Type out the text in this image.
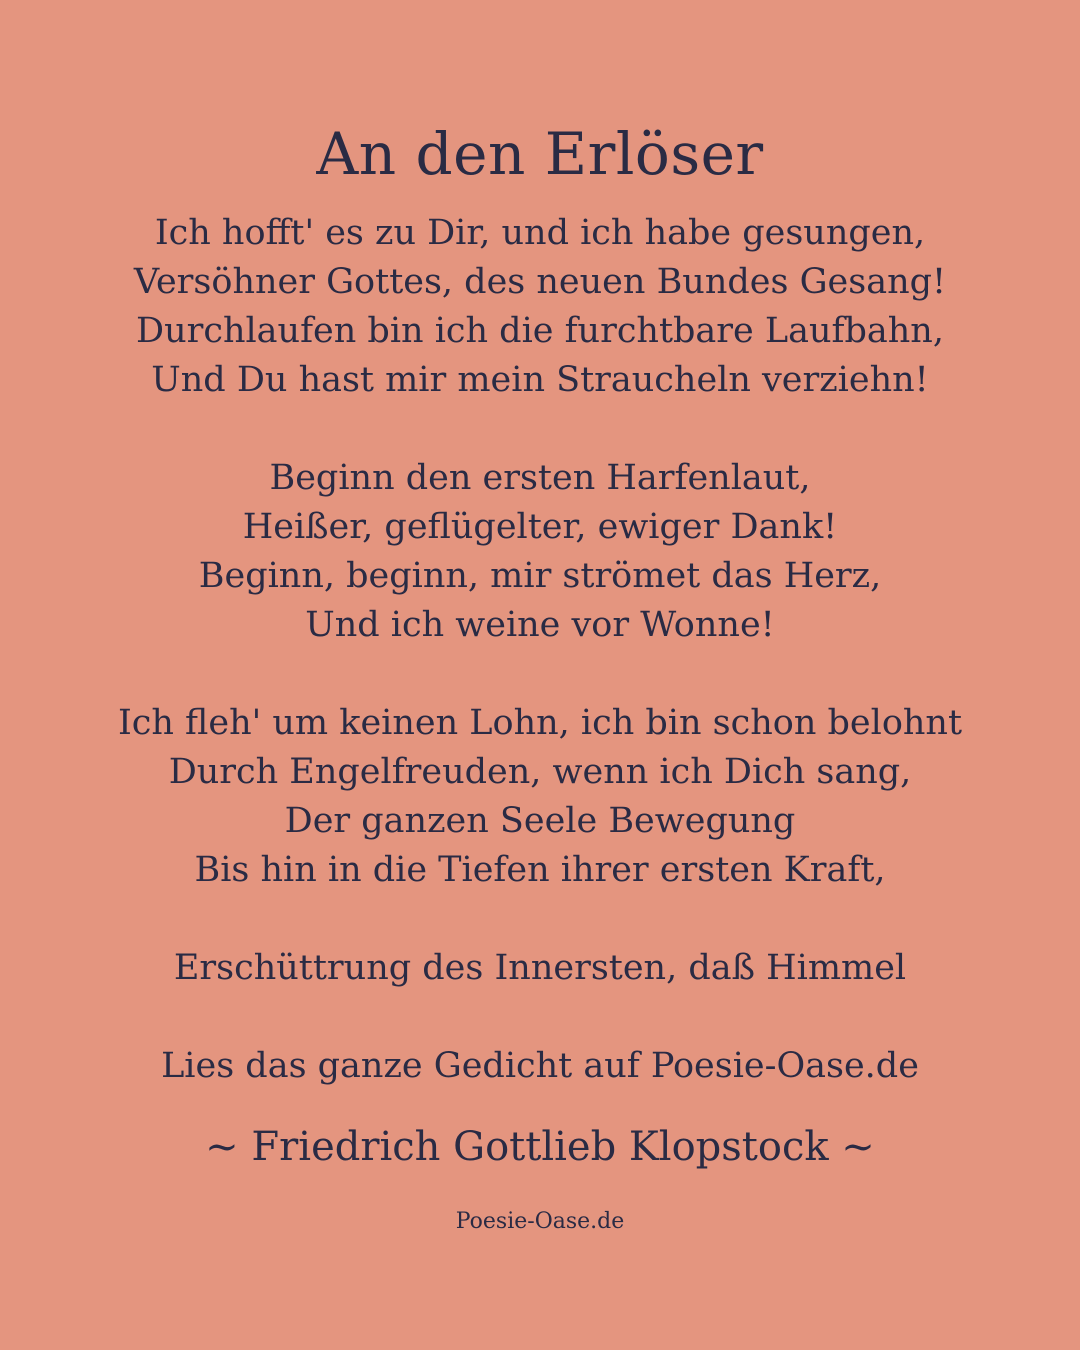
An den Erlöser
Ich hofft' es zu Dir, und ich habe gesungen,
Versöhner Gottes, des neuen Bundes Gesang!
Durchlaufen bin ich die furchtbare Laufbahn,
Und Du hast mir mein Straucheln verziehn!
Beginn den ersten Harfenlaut,
Heißer, geflügelter, ewiger Dank!
Beginn, beginn, mir strömet das Herz,
Und ich weine vor Wonne!
Ich fleh' um keinen Lohn, ich bin schon belohnt
Durch Engelfreuden, wenn ich Dich sang,
Der ganzen Seele Bewegung
Bis hin in die Tiefen ihrer ersten Kraft,
Erschüttrung des Innersten, daß Himmel
Lies das ganze Gedicht auf Poesie-Oase.de
~ Friedrich Gottlieb Klopstock ~
Poesie-Oase.de
